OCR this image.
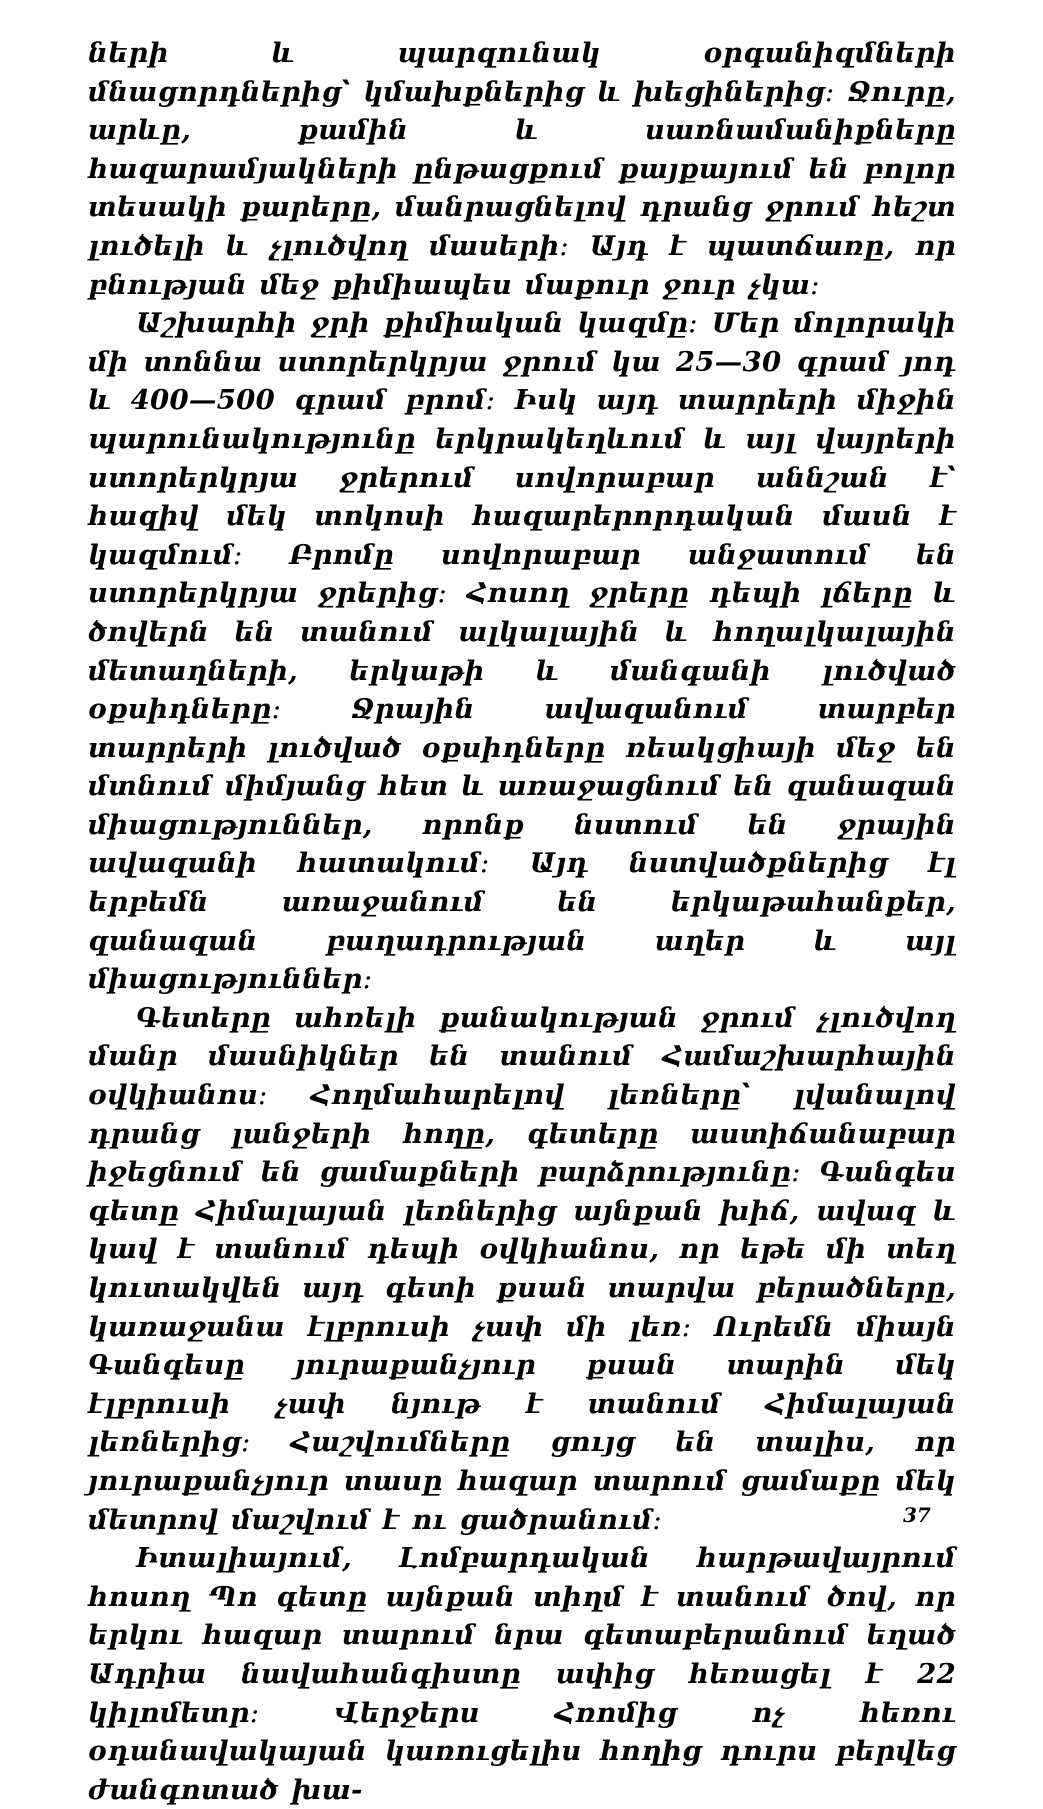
ների և պարզունակ օրգանիզմների մնացորդներից՝ կմախքներից և խեցիներից։ Ջուրը, արևը, քամին և սառնամանիքները հազարամյակների ընթացքում քայքայում են բոլոր տեսակի քարերը, մանրացնելով դրանց ջրում հեշտ լուծելի և չլուծվող մասերի։ Այդ է պատճառը, որ բնության մեջ քիմիապես մաքուր ջուր չկա։

Աշխարհի ջրի քիմիական կազմը։ Մեր մոլորակի մի տոննա ստորերկրյա ջրում կա 25—30 գրամ յոդ և 400—500 գրամ բրոմ։ Իսկ այդ տարրերի միջին պարունակությունը երկրակեղևում և այլ վայրերի ստորերկրյա ջրերում սովորաբար աննշան է՝ հազիվ մեկ տոկոսի հազարերորդական մասն է կազմում։ Բրոմը սովորաբար անջատում են ստորերկրյա ջրերից։ Հոսող ջրերը դեպի լճերը և ծովերն են տանում ալկալային և հողալկալային մետաղների, երկաթի և մանգանի լուծված օքսիդները։ Ջրային ավազանում տարբեր տարրերի լուծված օքսիդները ռեակցիայի մեջ են մտնում միմյանց հետ և առաջացնում են զանազան միացություններ, որոնք նստում են ջրային ավազանի հատակում։ Այդ նստվածքներից էլ երբեմն առաջանում են երկաթահանքեր, զանազան բաղադրության աղեր և այլ միացություններ։

Գետերը ահռելի քանակության ջրում չլուծվող մանր մասնիկներ են տանում Համաշխարհային օվկիանոս։ Հողմահարելով լեռները՝ լվանալով դրանց լանջերի հողը, գետերը աստիճանաբար իջեցնում են ցամաքների բարձրությունը։ Գանգես գետը Հիմալայան լեռներից այնքան խիճ, ավազ և կավ է տանում դեպի օվկիանոս, որ եթե մի տեղ կուտակվեն այդ գետի քսան տարվա բերածները, կառաջանա էլբրուսի չափ մի լեռ։ Ուրեմն միայն Գանգեսը յուրաքանչյուր քսան տարին մեկ էլբրուսի չափ նյութ է տանում Հիմալայան լեռներից։ Հաշվումները ցույց են տալիս, որ յուրաքանչյուր տասը հազար տարում ցամաքը մեկ մետրով մաշվում է ու ցածրանում։

Իտալիայում, Լոմբարդական հարթավայրում հոսող Պո գետը այնքան տիղմ է տանում ծով, որ երկու հազար տարում նրա գետաբերանում եղած Ադրիա նավահանգիստը ափից հեռացել է 22 կիլոմետր։ Վերջերս Հռոմից ոչ հեռու օդանավակայան կառուցելիս հողից դուրս բերվեց ժանգոտած խա-

37
